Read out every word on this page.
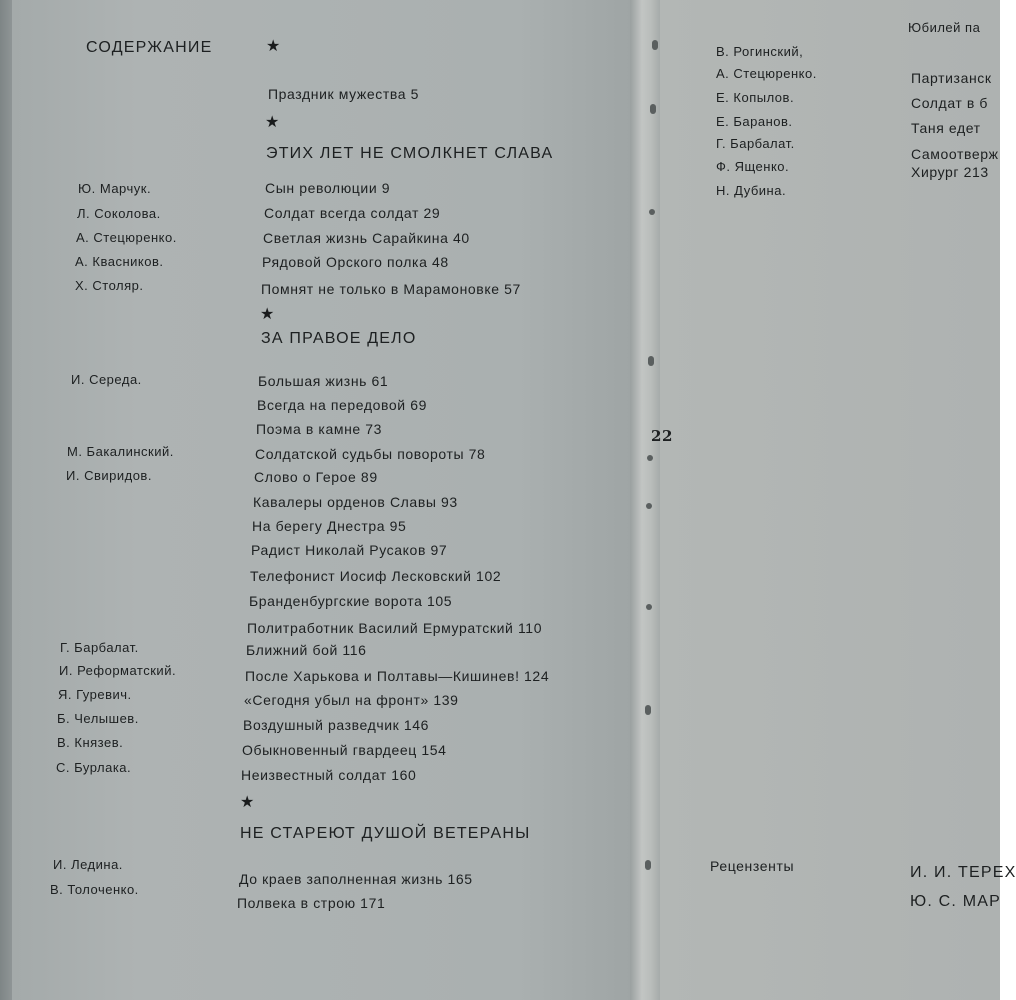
СОДЕРЖАНИЕ	★
Праздник мужества 5
★
ЭТИХ ЛЕТ НЕ СМОЛКНЕТ СЛАВА
Ю. Марчук.
Л. Соколова.
А. Стецюренко.
А. Квасников.
Х. Столяр.
Сын революции 9
Солдат всегда солдат 29
Светлая жизнь Сарайкина 40
Рядовой Орского полка 48
Помнят не только в Марамоновке 57
★
ЗА ПРАВОЕ ДЕЛО
И. Середа.
М. Бакалинский.
И. Свиридов.
Г. Барбалат.
И. Реформатский.
Я. Гуревич.
Б. Челышев.
В. Князев.
С. Бурлака.
Большая жизнь 61
Всегда на передовой 69
Поэма в камне 73
Солдатской судьбы повороты 78
Слово о Герое 89
Кавалеры орденов Славы 93
На берегу Днестра 95
Радист Николай Русаков 97
Телефонист Иосиф Лесковский 102
Бранденбургские ворота 105
Политработник Василий Ермуратский 110
Ближний бой 116
После Харькова и Полтавы—Кишинев! 124
«Сегодня убыл на фронт» 139
Воздушный разведчик 146
Обыкновенный гвардеец 154
Неизвестный солдат 160
★
НЕ СТАРЕЮТ ДУШОЙ ВЕТЕРАНЫ
И. Ледина.
В. Толоченко.
До краев заполненная жизнь 165
Полвека в строю 171
22
В. Рогинский,
А. Стецюренко.
Е. Копылов.
Е. Баранов.
Г. Барбалат.
Ф. Ященко.
Н. Дубина.
Юбилей па
Партизанск
Солдат в б
Таня едет
Самоотверж
Хирург 213
Рецензенты	И. И. ТЕРЕХ
Ю. С. МАР
